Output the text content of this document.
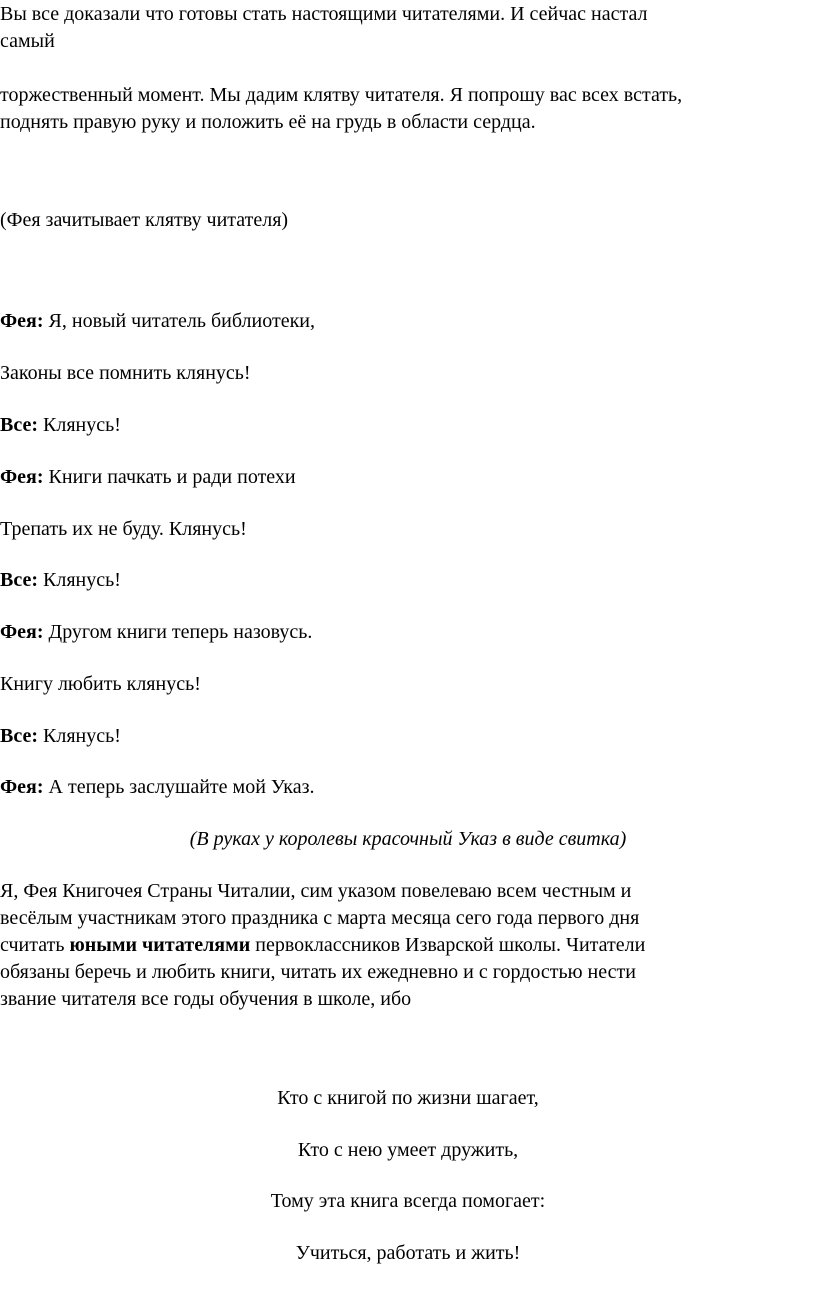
Вы все доказали что готовы стать настоящими читателями. И сейчас настал

самый

торжественный момент. Мы дадим клятву читателя. Я попрошу вас всех встать,

поднять правую руку и положить её на грудь в области сердца.

(Фея зачитывает клятву читателя)

Фея: Я, новый читатель библиотеки,

Законы все помнить клянусь!

Все: Клянусь!

Фея: Книги пачкать и ради потехи

Трепать их не буду. Клянусь!

Все: Клянусь!

Фея: Другом книги теперь назовусь.

Книгу любить клянусь!

Все: Клянусь!

Фея: А теперь заслушайте мой Указ.

(В руках у королевы красочный Указ в виде свитка)

Я, Фея Книгочея Страны Читалии, сим указом повелеваю всем честным и

весёлым участникам этого праздника с марта месяца сего года первого дня

считать юными читателями первоклассников Изварской школы. Читатели

обязаны беречь и любить книги, читать их ежедневно и с гордостью нести

звание читателя все годы обучения в школе, ибо

Кто с книгой по жизни шагает,

Кто с нею умеет дружить,

Тому эта книга всегда помогает:

Учиться, работать и жить!
